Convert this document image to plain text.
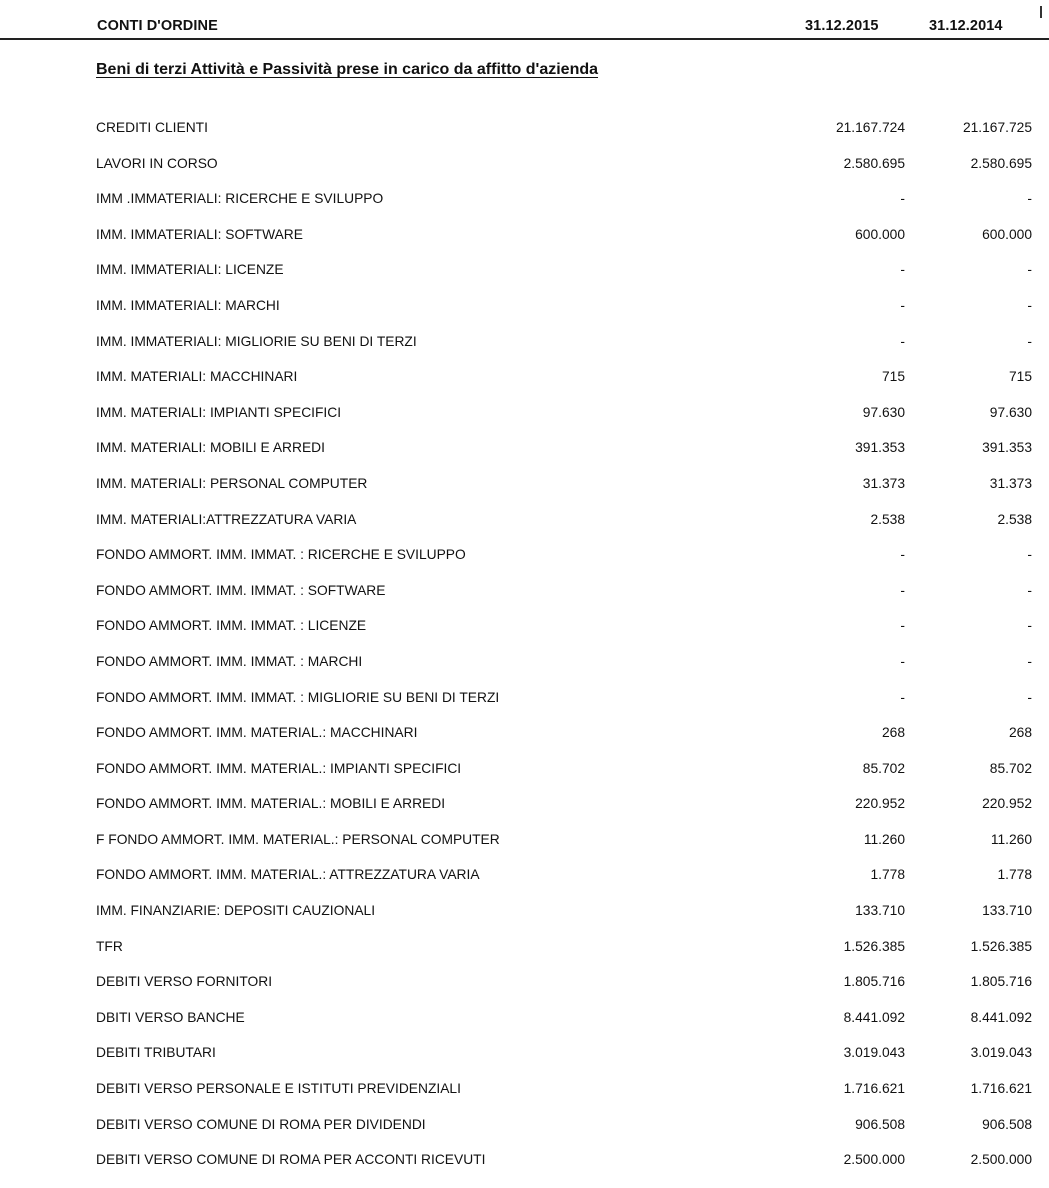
CONTI D'ORDINE	31.12.2015	31.12.2014
Beni di terzi Attività e Passività prese in carico da affitto d'azienda
CREDITI CLIENTI	21.167.724	21.167.725
LAVORI IN CORSO	2.580.695	2.580.695
IMM .IMMATERIALI: RICERCHE E SVILUPPO	-	-
IMM. IMMATERIALI: SOFTWARE	600.000	600.000
IMM. IMMATERIALI: LICENZE	-	-
IMM. IMMATERIALI: MARCHI	-	-
IMM. IMMATERIALI: MIGLIORIE SU BENI DI TERZI	-	-
IMM. MATERIALI: MACCHINARI	715	715
IMM. MATERIALI: IMPIANTI SPECIFICI	97.630	97.630
IMM. MATERIALI: MOBILI E ARREDI	391.353	391.353
IMM. MATERIALI: PERSONAL COMPUTER	31.373	31.373
IMM. MATERIALI:ATTREZZATURA VARIA	2.538	2.538
FONDO AMMORT. IMM. IMMAT. : RICERCHE E SVILUPPO	-	-
FONDO AMMORT. IMM. IMMAT. : SOFTWARE	-	-
FONDO AMMORT. IMM. IMMAT. : LICENZE	-	-
FONDO AMMORT. IMM. IMMAT. : MARCHI	-	-
FONDO AMMORT. IMM. IMMAT. : MIGLIORIE SU BENI DI TERZI	-	-
FONDO AMMORT. IMM. MATERIAL.: MACCHINARI	268	268
FONDO AMMORT. IMM. MATERIAL.: IMPIANTI SPECIFICI	85.702	85.702
FONDO AMMORT. IMM. MATERIAL.: MOBILI E ARREDI	220.952	220.952
F FONDO AMMORT. IMM. MATERIAL.: PERSONAL COMPUTER	11.260	11.260
FONDO AMMORT. IMM. MATERIAL.: ATTREZZATURA VARIA	1.778	1.778
IMM. FINANZIARIE: DEPOSITI CAUZIONALI	133.710	133.710
TFR	1.526.385	1.526.385
DEBITI VERSO FORNITORI	1.805.716	1.805.716
DBITI VERSO BANCHE	8.441.092	8.441.092
DEBITI TRIBUTARI	3.019.043	3.019.043
DEBITI VERSO PERSONALE E ISTITUTI PREVIDENZIALI	1.716.621	1.716.621
DEBITI VERSO COMUNE DI ROMA PER DIVIDENDI	906.508	906.508
DEBITI VERSO COMUNE DI ROMA PER ACCONTI RICEVUTI	2.500.000	2.500.000
